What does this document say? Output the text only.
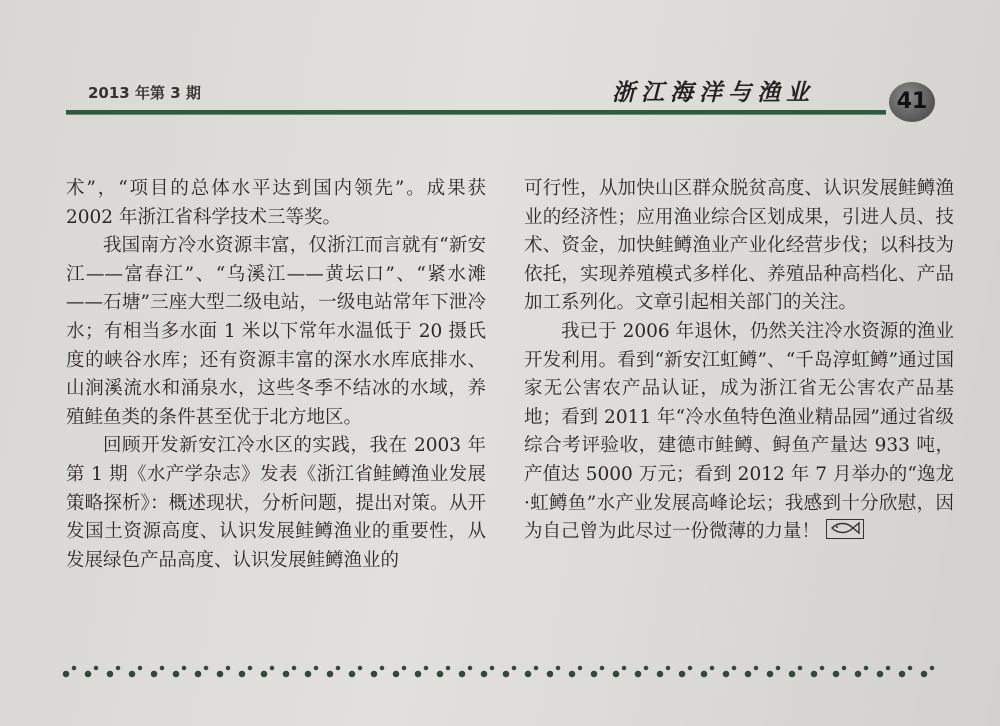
2013 年第 3 期	浙江海洋与渔业	41

术”，“项目的总体水平达到国内领先”。成果获2002 年浙江省科学技术三等奖。

我国南方冷水资源丰富，仅浙江而言就有“新安江——富春江”、“乌溪江——黄坛口”、“紧水滩——石塘”三座大型二级电站，一级电站常年下泄冷水；有相当多水面 1 米以下常年水温低于 20 摄氏度的峡谷水库；还有资源丰富的深水水库底排水、山涧溪流水和涌泉水，这些冬季不结冰的水域，养殖鲑鱼类的条件甚至优于北方地区。

回顾开发新安江冷水区的实践，我在 2003 年第 1 期《水产学杂志》发表《浙江省鲑鳟渔业发展策略探析》：概述现状，分析问题，提出对策。从开发国土资源高度、认识发展鲑鳟渔业的重要性，从发展绿色产品高度、认识发展鲑鳟渔业的

可行性，从加快山区群众脱贫高度、认识发展鲑鳟渔业的经济性；应用渔业综合区划成果，引进人员、技术、资金，加快鲑鳟渔业产业化经营步伐；以科技为依托，实现养殖模式多样化、养殖品种高档化、产品加工系列化。文章引起相关部门的关注。

我已于 2006 年退休，仍然关注冷水资源的渔业开发利用。看到“新安江虹鳟”、“千岛淳虹鳟”通过国家无公害农产品认证，成为浙江省无公害农产品基地；看到 2011 年“冷水鱼特色渔业精品园”通过省级综合考评验收，建德市鲑鳟、鲟鱼产量达 933 吨，产值达 5000 万元；看到 2012 年 7 月举办的“逸龙·虹鳟鱼”水产业发展高峰论坛；我感到十分欣慰，因为自己曾为此尽过一份微薄的力量！
